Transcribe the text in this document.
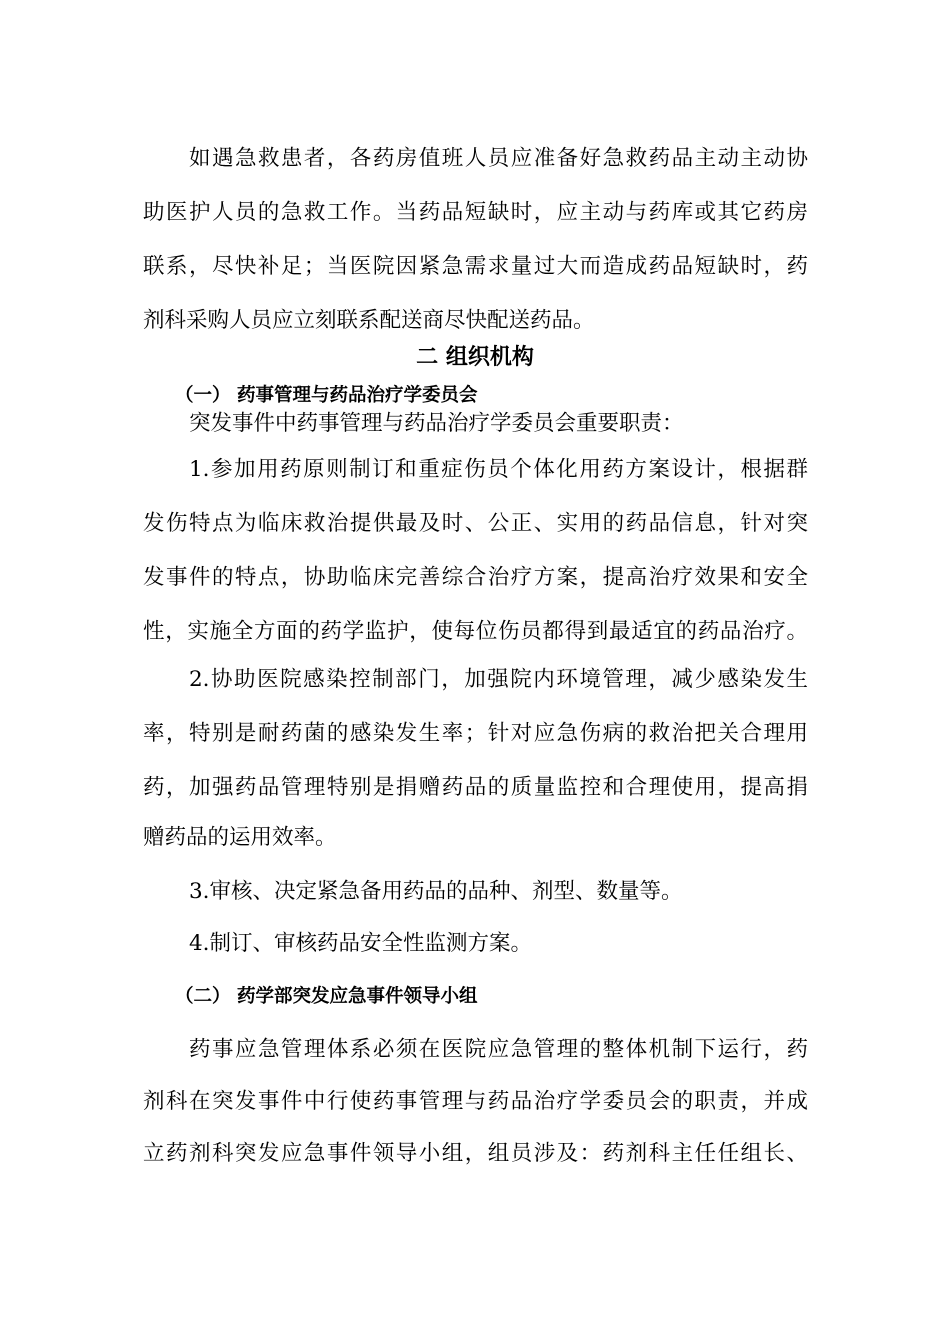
如遇急救患者，各药房值班人员应准备好急救药品主动主动协
助医护人员的急救工作。当药品短缺时，应主动与药库或其它药房
联系，尽快补足；当医院因紧急需求量过大而造成药品短缺时，药
剂科采购人员应立刻联系配送商尽快配送药品。
二 组织机构
（一） 药事管理与药品治疗学委员会
突发事件中药事管理与药品治疗学委员会重要职责：
1.参加用药原则制订和重症伤员个体化用药方案设计，根据群
发伤特点为临床救治提供最及时、公正、实用的药品信息，针对突
发事件的特点，协助临床完善综合治疗方案，提高治疗效果和安全
性，实施全方面的药学监护，使每位伤员都得到最适宜的药品治疗。
2.协助医院感染控制部门，加强院内环境管理，减少感染发生
率，特别是耐药菌的感染发生率；针对应急伤病的救治把关合理用
药，加强药品管理特别是捐赠药品的质量监控和合理使用，提高捐
赠药品的运用效率。
3.审核、决定紧急备用药品的品种、剂型、数量等。
4.制订、审核药品安全性监测方案。
（二） 药学部突发应急事件领导小组
药事应急管理体系必须在医院应急管理的整体机制下运行，药
剂科在突发事件中行使药事管理与药品治疗学委员会的职责，并成
立药剂科突发应急事件领导小组，组员涉及：药剂科主任任组长、
